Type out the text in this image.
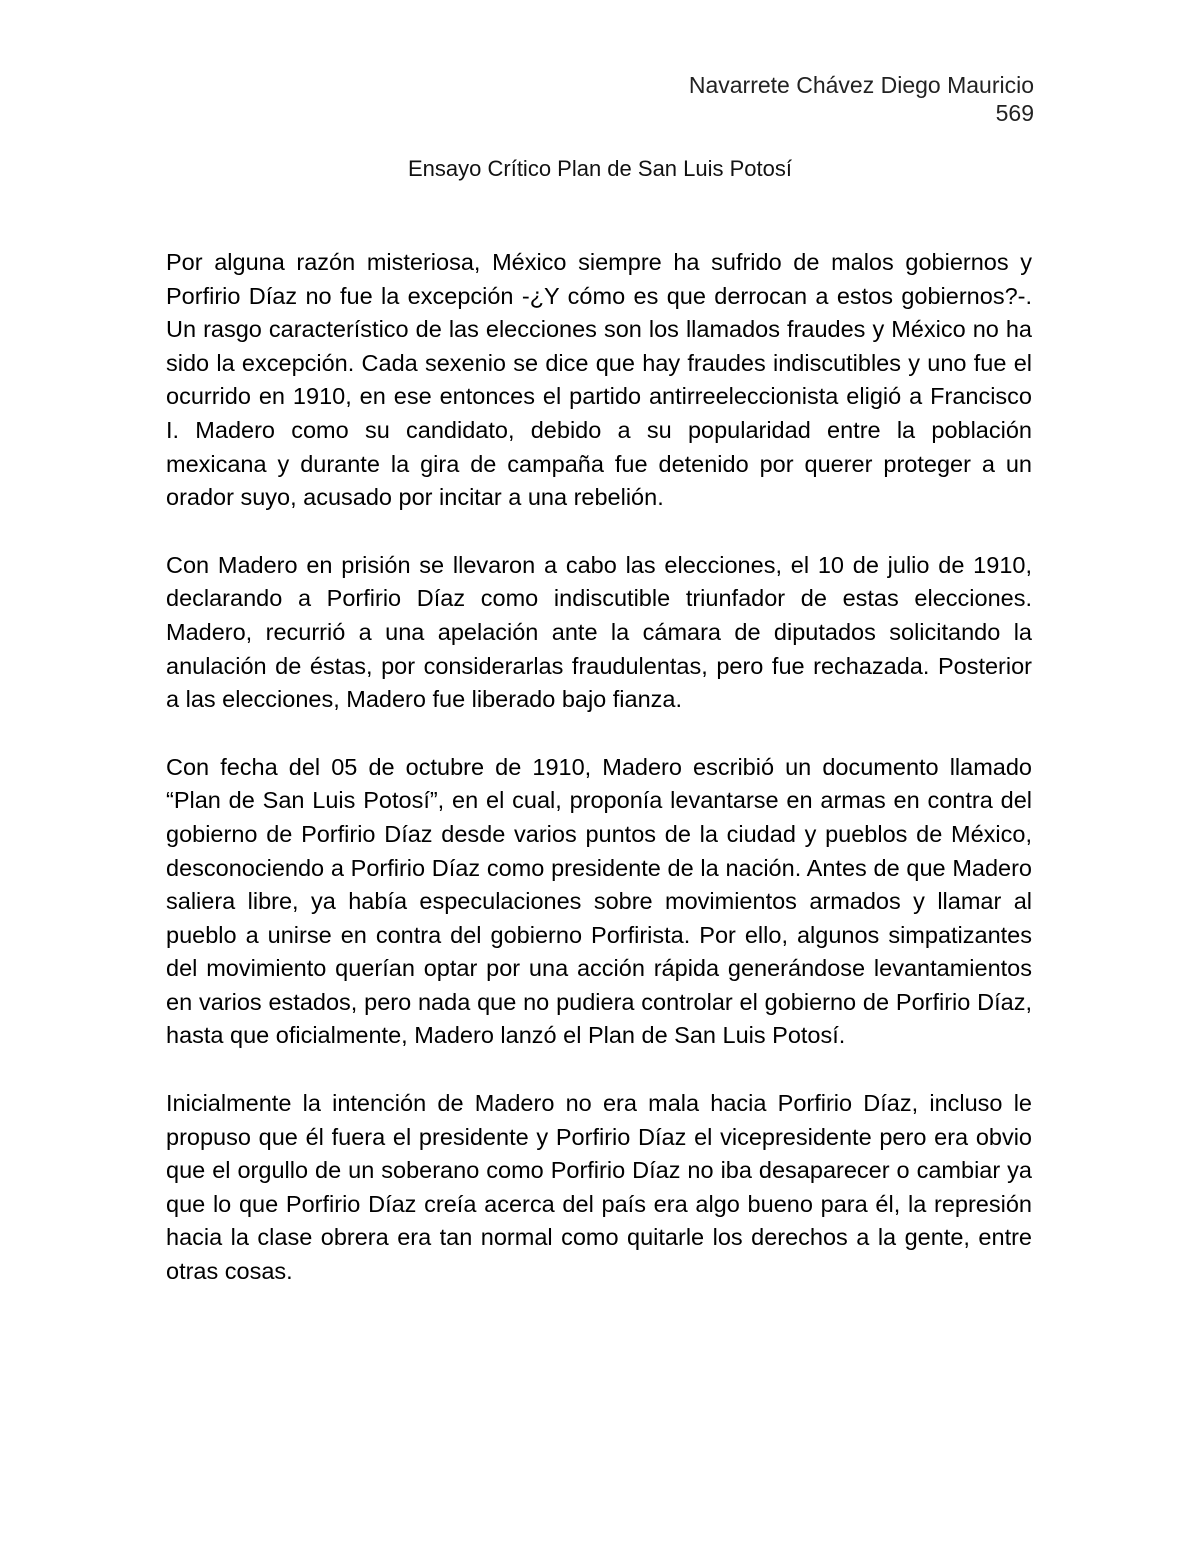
Navarrete Chávez Diego Mauricio
569
Ensayo Crítico Plan de San Luis Potosí

Por alguna razón misteriosa, México siempre ha sufrido de malos gobiernos y Porfirio Díaz no fue la excepción -¿Y cómo es que derrocan a estos gobiernos?-. Un rasgo característico de las elecciones son los llamados fraudes y México no ha sido la excepción. Cada sexenio se dice que hay fraudes indiscutibles y uno fue el ocurrido en 1910, en ese entonces el partido antirreeleccionista eligió a Francisco I. Madero como su candidato, debido a su popularidad entre la población mexicana y durante la gira de campaña fue detenido por querer proteger a un orador suyo, acusado por incitar a una rebelión.

Con Madero en prisión se llevaron a cabo las elecciones, el 10 de julio de 1910, declarando a Porfirio Díaz como indiscutible triunfador de estas elecciones. Madero, recurrió a una apelación ante la cámara de diputados solicitando la anulación de éstas, por considerarlas fraudulentas, pero fue rechazada. Posterior a las elecciones, Madero fue liberado bajo fianza.

Con fecha del 05 de octubre de 1910, Madero escribió un documento llamado “Plan de San Luis Potosí”, en el cual, proponía levantarse en armas en contra del gobierno de Porfirio Díaz desde varios puntos de la ciudad y pueblos de México, desconociendo a Porfirio Díaz como presidente de la nación. Antes de que Madero saliera libre, ya había especulaciones sobre movimientos armados y llamar al pueblo a unirse en contra del gobierno Porfirista. Por ello, algunos simpatizantes del movimiento querían optar por una acción rápida generándose levantamientos en varios estados, pero nada que no pudiera controlar el gobierno de Porfirio Díaz, hasta que oficialmente, Madero lanzó el Plan de San Luis Potosí.

Inicialmente la intención de Madero no era mala hacia Porfirio Díaz, incluso le propuso que él fuera el presidente y Porfirio Díaz el vicepresidente pero era obvio que el orgullo de un soberano como Porfirio Díaz no iba desaparecer o cambiar ya que lo que Porfirio Díaz creía acerca del país era algo bueno para él, la represión hacia la clase obrera era tan normal como quitarle los derechos a la gente, entre otras cosas.
